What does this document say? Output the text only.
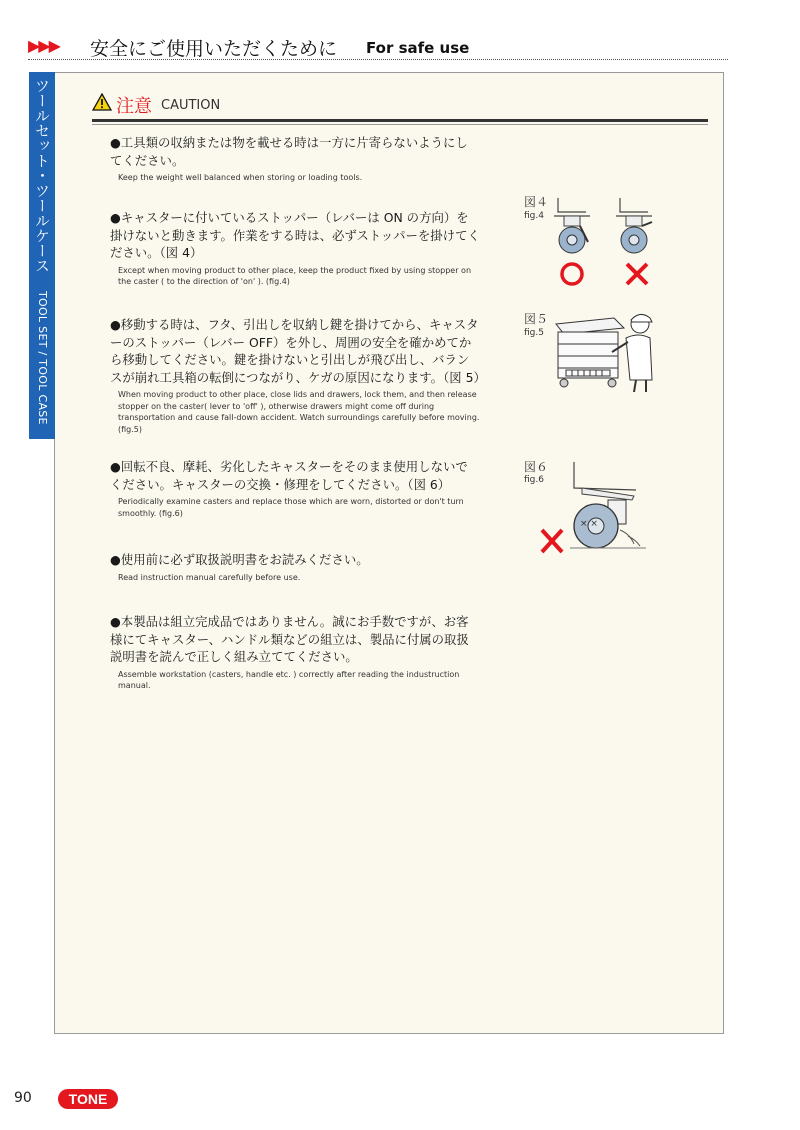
▶▶▶ 安全にご使用いただくために For safe use
ツールセット・ツールケース TOOL SET / TOOL CASE
注意 CAUTION
●工具類の収納または物を載せる時は一方に片寄らないようにしてください。
Keep the weight well balanced when storing or loading tools.
●キャスターに付いているストッパー（レバーは ON の方向）を掛けないと動きます。作業をする時は、必ずストッパーを掛けてください。（図 4）
Except when moving product to other place, keep the product fixed by using stopper on the caster ( to the direction of 'on' ). (fig.4)
●移動する時は、フタ、引出しを収納し鍵を掛けてから、キャスターのストッパー（レバー OFF）を外し、周囲の安全を確かめてから移動してください。鍵を掛けないと引出しが飛び出し、バランスが崩れ工具箱の転倒につながり、ケガの原因になります。（図 5）
When moving product to other place, close lids and drawers, lock them, and then release stopper on the caster( lever to 'off' ), otherwise drawers might come off during transportation and cause fall-down accident. Watch surroundings carefully before moving. (fig.5)
●回転不良、摩耗、劣化したキャスターをそのまま使用しないでください。キャスターの交換・修理をしてください。（図 6）
Periodically examine casters and replace those which are worn, distorted or don't turn smoothly. (fig.6)
●使用前に必ず取扱説明書をお読みください。
Read instruction manual carefully before use.
●本製品は組立完成品ではありません。誠にお手数ですが、お客様にてキャスター、ハンドル類などの組立は、製品に付属の取扱説明書を読んで正しく組み立ててください。
Assemble workstation (casters, handle etc. ) correctly after reading the industruction manual.
図４
fig.4
図５
fig.5
図６
fig.6
× ×
90	TONE
